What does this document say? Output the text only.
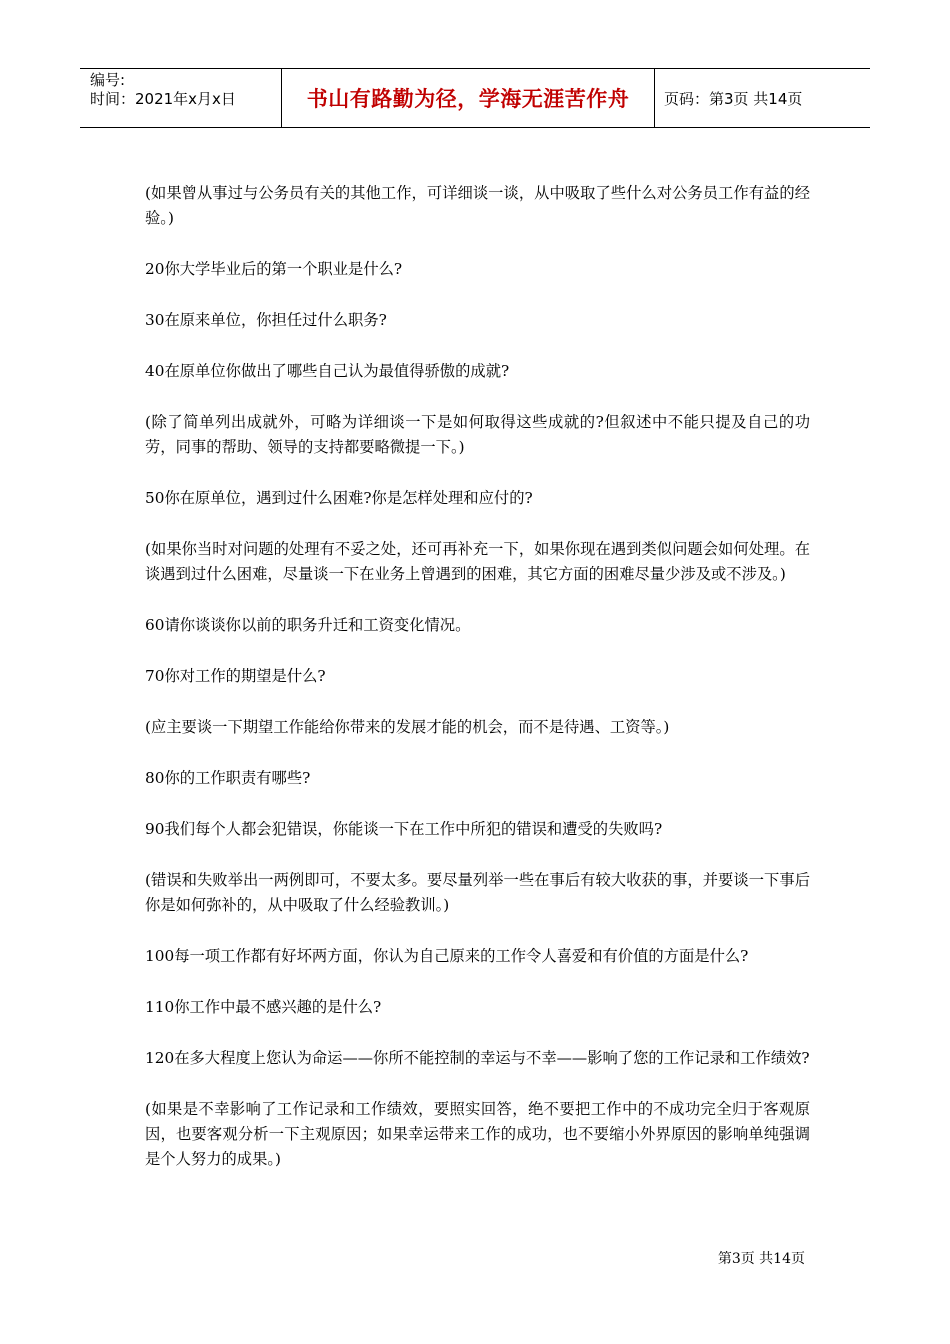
编号:
时间：2021年x月x日	书山有路勤为径，学海无涯苦作舟	页码：第3页 共14页

(如果曾从事过与公务员有关的其他工作，可详细谈一谈，从中吸取了些什么对公务员工作有益的经验。)

20你大学毕业后的第一个职业是什么?

30在原来单位，你担任过什么职务?

40在原单位你做出了哪些自己认为最值得骄傲的成就?

(除了简单列出成就外，可略为详细谈一下是如何取得这些成就的?但叙述中不能只提及自己的功劳，同事的帮助、领导的支持都要略微提一下。)

50你在原单位，遇到过什么困难?你是怎样处理和应付的?

(如果你当时对问题的处理有不妥之处，还可再补充一下，如果你现在遇到类似问题会如何处理。在谈遇到过什么困难，尽量谈一下在业务上曾遇到的困难，其它方面的困难尽量少涉及或不涉及。)

60请你谈谈你以前的职务升迁和工资变化情况。

70你对工作的期望是什么?

(应主要谈一下期望工作能给你带来的发展才能的机会，而不是待遇、工资等。)

80你的工作职责有哪些?

90我们每个人都会犯错误，你能谈一下在工作中所犯的错误和遭受的失败吗?

(错误和失败举出一两例即可，不要太多。要尽量列举一些在事后有较大收获的事，并要谈一下事后你是如何弥补的，从中吸取了什么经验教训。)

100每一项工作都有好坏两方面，你认为自己原来的工作令人喜爱和有价值的方面是什么?

110你工作中最不感兴趣的是什么?

120在多大程度上您认为命运——你所不能控制的幸运与不幸——影响了您的工作记录和工作绩效?

(如果是不幸影响了工作记录和工作绩效，要照实回答，绝不要把工作中的不成功完全归于客观原因，也要客观分析一下主观原因；如果幸运带来工作的成功，也不要缩小外界原因的影响单纯强调是个人努力的成果。)

第3页 共14页
